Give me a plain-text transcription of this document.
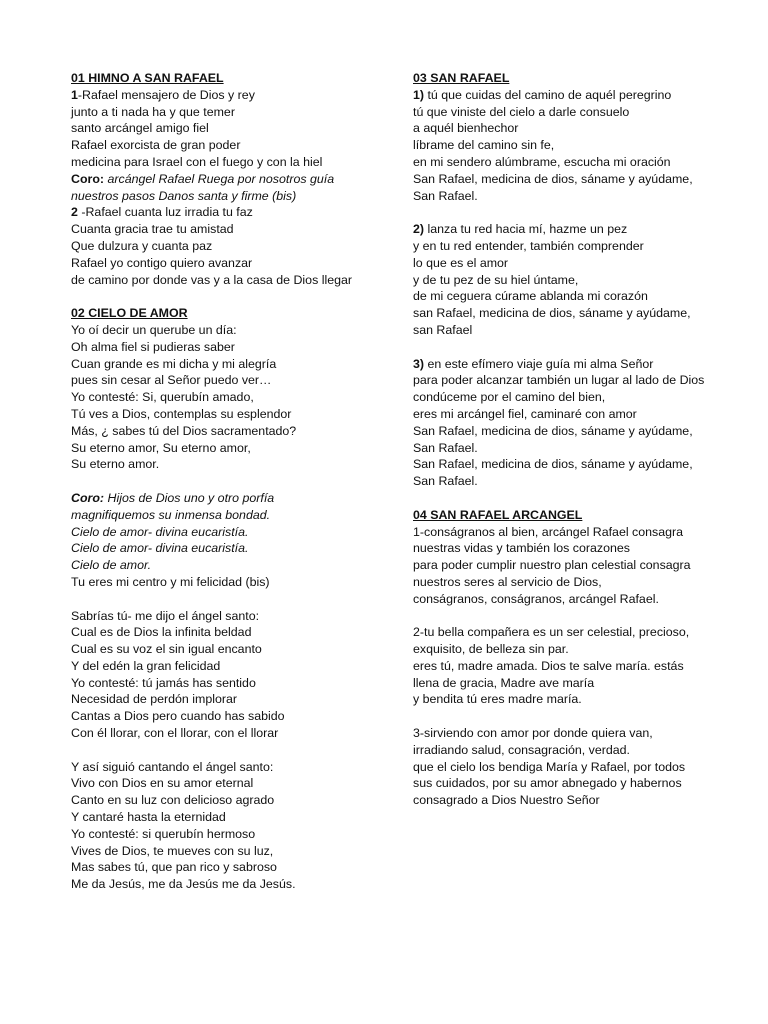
01 HIMNO A SAN RAFAEL
1-Rafael mensajero de Dios y rey
junto a ti nada ha y que temer
santo arcángel amigo fiel
Rafael exorcista de gran poder
medicina para Israel con el fuego y con la hiel
Coro: arcángel Rafael Ruega por nosotros guía
nuestros pasos Danos santa y firme (bis)
2 -Rafael cuanta luz irradia tu faz
Cuanta gracia trae tu amistad
Que dulzura y cuanta paz
Rafael yo contigo quiero avanzar
de camino por donde vas y a la casa de Dios llegar
02 CIELO DE AMOR
Yo oí decir un querube un día:
Oh alma fiel si pudieras saber
Cuan grande es mi dicha y mi alegría
pues sin cesar al Señor puedo ver…
Yo contesté: Si, querubín amado,
Tú ves a Dios, contemplas su esplendor
Más, ¿ sabes tú del Dios sacramentado?
Su eterno amor, Su eterno amor,
Su eterno amor.
Coro: Hijos de Dios uno y otro porfía
magnifiquemos su inmensa bondad.
Cielo de amor- divina eucaristía.
Cielo de amor- divina eucaristía.
Cielo de amor.
Tu eres mi centro y mi felicidad (bis)
Sabrías tú- me dijo el ángel santo:
Cual es de Dios la infinita beldad
Cual es su voz el sin igual encanto
Y del edén la gran felicidad
Yo contesté: tú jamás has sentido
Necesidad de perdón implorar
Cantas a Dios pero cuando has sabido
Con él llorar, con el llorar, con el llorar
Y así siguió cantando el ángel santo:
Vivo con Dios en su amor eternal
Canto en su luz con delicioso agrado
Y cantaré hasta la eternidad
Yo contesté: si querubín hermoso
Vives de Dios, te mueves con su luz,
Mas sabes tú, que pan rico y sabroso
Me da Jesús, me da Jesús me da Jesús.
03 SAN RAFAEL
1) tú que cuidas del camino de aquél peregrino
tú que viniste del cielo a darle consuelo
a aquél bienhechor
líbrame del camino sin fe,
en mi sendero alúmbrame, escucha mi oración
San Rafael, medicina de dios, sáname y ayúdame,
San Rafael.
2) lanza tu red hacia mí, hazme un pez
y en tu red entender, también comprender
lo que es el amor
y de tu pez de su hiel úntame,
de mi ceguera cúrame ablanda mi corazón
san Rafael, medicina de dios, sáname y ayúdame,
san Rafael
3) en este efímero viaje guía mi alma Señor
para poder alcanzar también un lugar al lado de Dios
condúceme por el camino del bien,
eres mi arcángel fiel, caminaré con amor
San Rafael, medicina de dios, sáname y ayúdame,
San Rafael.
San Rafael, medicina de dios, sáname y ayúdame,
San Rafael.
04 SAN RAFAEL ARCANGEL
1-conságranos al bien, arcángel Rafael consagra
nuestras vidas y también los corazones
para poder cumplir nuestro plan celestial consagra
nuestros seres al servicio de Dios,
conságranos, conságranos, arcángel Rafael.
2-tu bella compañera es un ser celestial, precioso,
exquisito, de belleza sin par.
eres tú, madre amada. Dios te salve maría. estás
llena de gracia, Madre ave maría
y bendita tú eres madre maría.
3-sirviendo con amor por donde quiera van,
irradiando salud, consagración, verdad.
que el cielo los bendiga María y Rafael, por todos
sus cuidados, por su amor abnegado y habernos
consagrado a Dios Nuestro Señor
